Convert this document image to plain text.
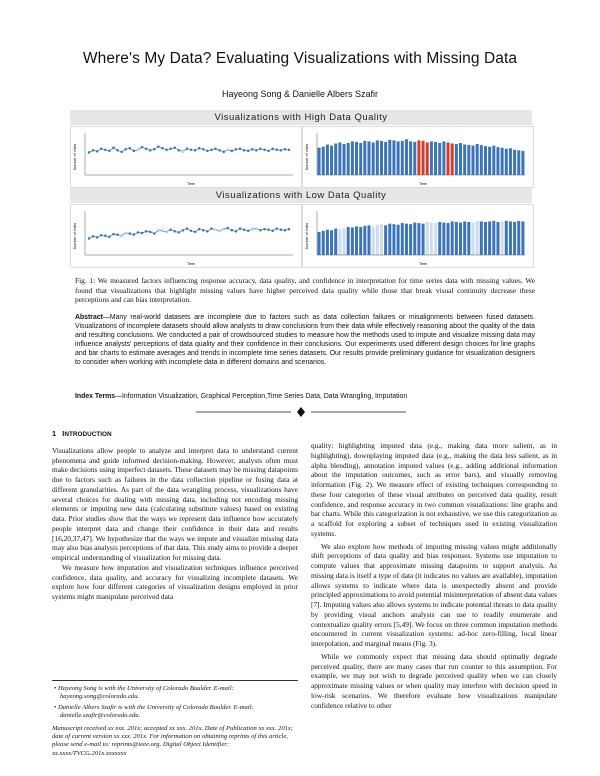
Where's My Data? Evaluating Visualizations with Missing Data
Hayeong Song & Danielle Albers Szafir
Visualizations with High Data Quality
Number of Visits
Time
Number of Visits
Time
Visualizations with Low Data Quality
Number of Visits
Time
Number of Visits
Time
Fig. 1: We measured factors influencing response accuracy, data quality, and confidence in interpretation for time series data with missing values. We found that visualizations that highlight missing values have higher perceived data quality while those that break visual continuity decrease these perceptions and can bias interpretation.
Abstract—Many real-world datasets are incomplete due to factors such as data collection failures or misalignments between fused datasets. Visualizations of incomplete datasets should allow analysts to draw conclusions from their data while effectively reasoning about the quality of the data and resulting conclusions. We conducted a pair of crowdsourced studies to measure how the methods used to impute and visualize missing data may influence analysts' perceptions of data quality and their confidence in their conclusions. Our experiments used different design choices for line graphs and bar charts to estimate averages and trends in incomplete time series datasets. Our results provide preliminary guidance for visualization designers to consider when working with incomplete data in different domains and scenarios.
Index Terms—Information Visualization, Graphical Perception,Time Series Data, Data Wrangling, Imputation
1 INTRODUCTION

Visualizations allow people to analyze and interpret data to understand current phenomena and guide informed decision-making. However, analysts often must make decisions using imperfect datasets. These datasets may be missing datapoints due to factors such as failures in the data collection pipeline or fusing data at different granularities. As part of the data wrangling process, visualizations have several choices for dealing with missing data, including not encoding missing elements or imputing new data (calculating substitute values) based on existing data. Prior studies show that the ways we represent data influence how accurately people interpret data and change their confidence in their data and results [16,20,37,47]. We hypothesize that the ways we impute and visualize missing data may also bias analysis perceptions of that data. This study aims to provide a deeper empirical understanding of visualization for missing data.

We measure how imputation and visualization techniques influence perceived confidence, data quality, and accuracy for visualizing incomplete datasets. We explore how four different categories of visualization designs employed in prior systems might manipulate perceived data

quality: highlighting imputed data (e.g., making data more salient, as in highlighting), downplaying imputed data (e.g., making the data less salient, as in alpha blending), annotation imputed values (e.g., adding additional information about the imputation outcomes, such as error bars), and visually removing information (Fig. 2). We measure effect of existing techniques corresponding to these four categories of these visual attributes on perceived data quality, result confidence, and response accuracy in two common visualizations: line graphs and bar charts. While this categorization is not exhaustive, we use this categorization as a scaffold for exploring a subset of techniques used in existing visualization systems.

We also explore how methods of imputing missing values might additionally shift perceptions of data quality and bias responses. Systems use imputation to compute values that approximate missing datapoints to support analysis. As missing data is itself a type of data (it indicates no values are available), imputation allows systems to indicate where data is unexpectedly absent and provide principled approximations to avoid potential misinterpretation of absent data values [7]. Imputing values also allows systems to indicate potential threats to data quality by providing visual anchors analysts can use to readily enumerate and contextualize quality errors [5,49]. We focus on three common imputation methods encountered in current visualization systems: ad-hoc zero-filling, local linear interpolation, and marginal means (Fig. 3).

While we commonly expect that missing data should optimally degrade perceived quality, there are many cases that run counter to this assumption. For example, we may not wish to degrade perceived quality when we can closely approximate missing values or when quality may interfere with decision speed in low-risk scenarios. We therefore evaluate how visualizations manipulate confidence relative to other

• Hayeong Song is with the University of Colorado Boulder. E-mail: hayeong.song@colorado.edu.
• Danielle Albers Szafir is with the University of Colorado Boulder. E-mail: danielle.szafir@colorado.edu.
Manuscript received xx xxx. 201x; accepted xx xxx. 201x. Date of Publication xx xxx. 201x; date of current version xx xxx. 201x. For information on obtaining reprints of this article, please send e-mail to: reprints@ieee.org. Digital Object Identifier: xx.xxxx/TVCG.201x.xxxxxxx
